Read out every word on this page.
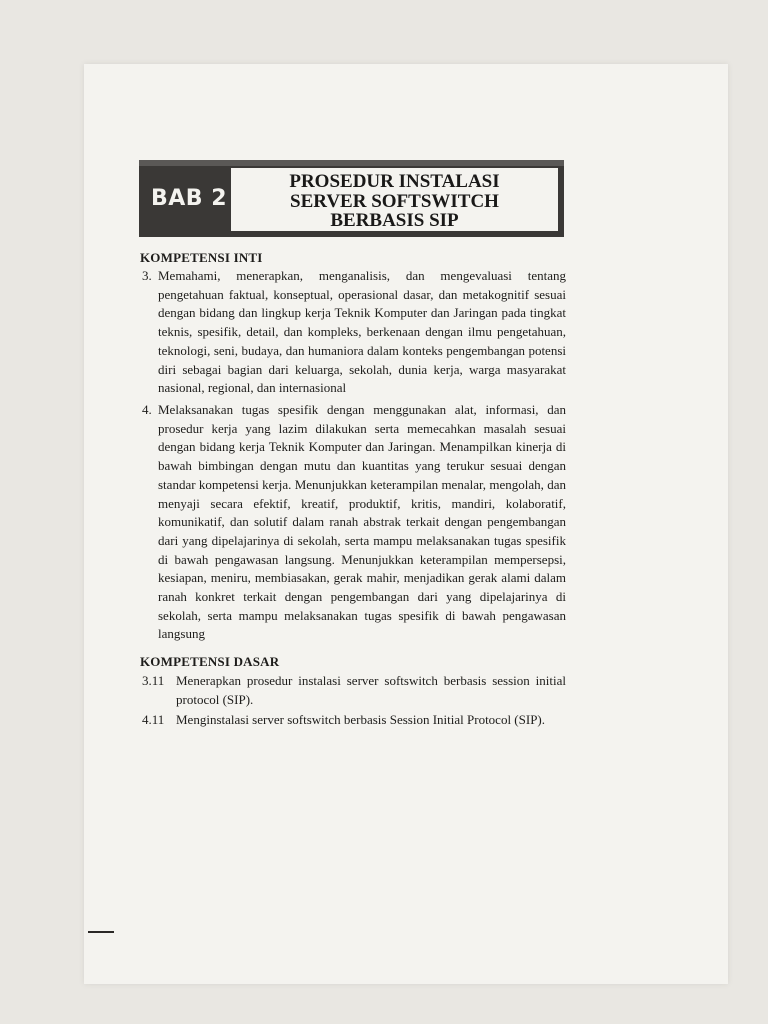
BAB 2
PROSEDUR INSTALASI
SERVER SOFTSWITCH
BERBASIS SIP
KOMPETENSI INTI
3. Memahami, menerapkan, menganalisis, dan mengevaluasi tentang pengetahuan faktual, konseptual, operasional dasar, dan metakognitif sesuai dengan bidang dan lingkup kerja Teknik Komputer dan Jaringan pada tingkat teknis, spesifik, detail, dan kompleks, berkenaan dengan ilmu pengetahuan, teknologi, seni, budaya, dan humaniora dalam konteks pengembangan potensi diri sebagai bagian dari keluarga, sekolah, dunia kerja, warga masyarakat nasional, regional, dan internasional
4. Melaksanakan tugas spesifik dengan menggunakan alat, informasi, dan prosedur kerja yang lazim dilakukan serta memecahkan masalah sesuai dengan bidang kerja Teknik Komputer dan Jaringan. Menampilkan kinerja di bawah bimbingan dengan mutu dan kuantitas yang terukur sesuai dengan standar kompetensi kerja. Menunjukkan keterampilan menalar, mengolah, dan menyaji secara efektif, kreatif, produktif, kritis, mandiri, kolaboratif, komunikatif, dan solutif dalam ranah abstrak terkait dengan pengembangan dari yang dipelajarinya di sekolah, serta mampu melaksanakan tugas spesifik di bawah pengawasan langsung. Menunjukkan keterampilan mempersepsi, kesiapan, meniru, membiasakan, gerak mahir, menjadikan gerak alami dalam ranah konkret terkait dengan pengembangan dari yang dipelajarinya di sekolah, serta mampu melaksanakan tugas spesifik di bawah pengawasan langsung
KOMPETENSI DASAR
3.11 Menerapkan prosedur instalasi server softswitch berbasis session initial protocol (SIP).
4.11 Menginstalasi server softswitch berbasis Session Initial Protocol (SIP).
